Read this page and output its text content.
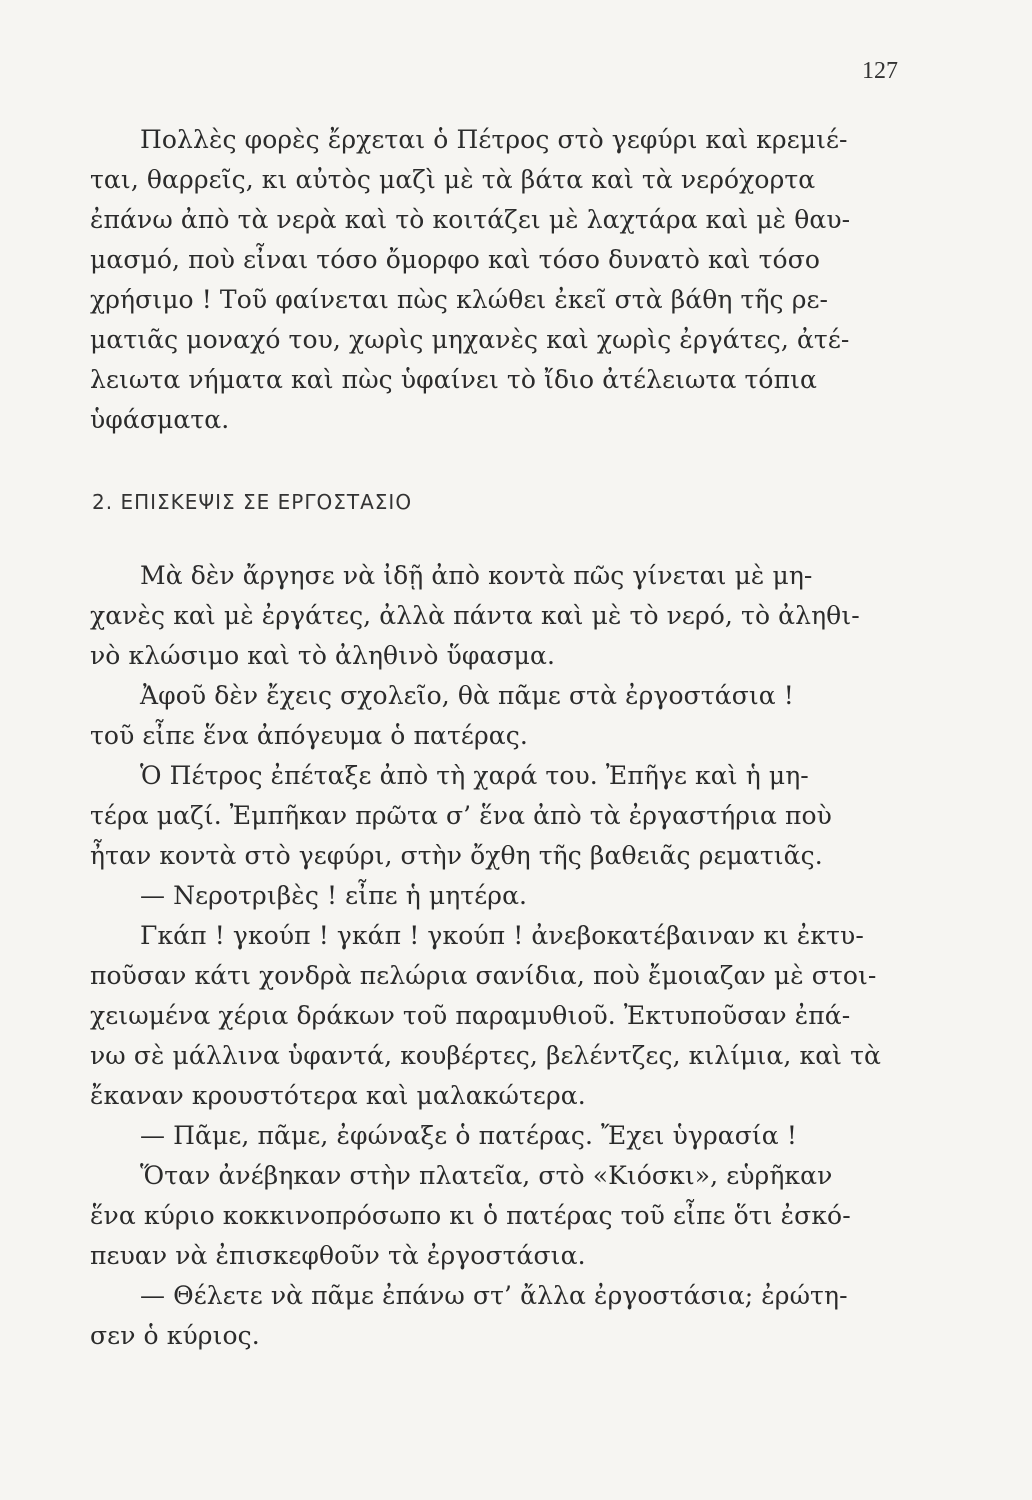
127
Πολλὲς φορὲς ἔρχεται ὁ Πέτρος στὸ γεφύρι καὶ κρεμιέ-
ται, θαρρεῖς, κι αὐτὸς μαζὶ μὲ τὰ βάτα καὶ τὰ νερόχορτα
ἐπάνω ἀπὸ τὰ νερὰ καὶ τὸ κοιτάζει μὲ λαχτάρα καὶ μὲ θαυ-
μασμό, ποὺ εἶναι τόσο ὄμορφο καὶ τόσο δυνατὸ καὶ τόσο
χρήσιμο ! Τοῦ φαίνεται πὼς κλώθει ἐκεῖ στὰ βάθη τῆς ρε-
ματιᾶς μοναχό του, χωρὶς μηχανὲς καὶ χωρὶς ἐργάτες, ἀτέ-
λειωτα νήματα καὶ πὼς ὑφαίνει τὸ ἴδιο ἀτέλειωτα τόπια
ὑφάσματα.
2. ΕΠΙΣΚΕΨΙΣ ΣΕ ΕΡΓΟΣΤΑΣΙΟ
Μὰ δὲν ἄργησε νὰ ἰδῇ ἀπὸ κοντὰ πῶς γίνεται μὲ μη-
χανὲς καὶ μὲ ἐργάτες, ἀλλὰ πάντα καὶ μὲ τὸ νερό, τὸ ἀληθι-
νὸ κλώσιμο καὶ τὸ ἀληθινὸ ὕφασμα.
Ἀφοῦ δὲν ἔχεις σχολεῖο, θὰ πᾶμε στὰ ἐργοστάσια !
τοῦ εἶπε ἕνα ἀπόγευμα ὁ πατέρας.
Ὁ Πέτρος ἐπέταξε ἀπὸ τὴ χαρά του. Ἐπῆγε καὶ ἡ μη-
τέρα μαζί. Ἐμπῆκαν πρῶτα σ’ ἕνα ἀπὸ τὰ ἐργαστήρια ποὺ
ἦταν κοντὰ στὸ γεφύρι, στὴν ὄχθη τῆς βαθειᾶς ρεματιᾶς.
— Νεροτριβὲς ! εἶπε ἡ μητέρα.
Γκάπ ! γκούπ ! γκάπ ! γκούπ ! ἀνεβοκατέβαιναν κι ἐκτυ-
ποῦσαν κάτι χονδρὰ πελώρια σανίδια, ποὺ ἔμοιαζαν μὲ στοι-
χειωμένα χέρια δράκων τοῦ παραμυθιοῦ. Ἐκτυποῦσαν ἐπά-
νω σὲ μάλλινα ὑφαντά, κουβέρτες, βελέντζες, κιλίμια, καὶ τὰ
ἔκαναν κρουστότερα καὶ μαλακώτερα.
— Πᾶμε, πᾶμε, ἐφώναξε ὁ πατέρας. Ἔχει ὑγρασία !
Ὅταν ἀνέβηκαν στὴν πλατεῖα, στὸ «Κιόσκι», εὑρῆκαν
ἕνα κύριο κοκκινοπρόσωπο κι ὁ πατέρας τοῦ εἶπε ὅτι ἐσκό-
πευαν νὰ ἐπισκεφθοῦν τὰ ἐργοστάσια.
— Θέλετε νὰ πᾶμε ἐπάνω στ’ ἄλλα ἐργοστάσια; ἐρώτη-
σεν ὁ κύριος.
